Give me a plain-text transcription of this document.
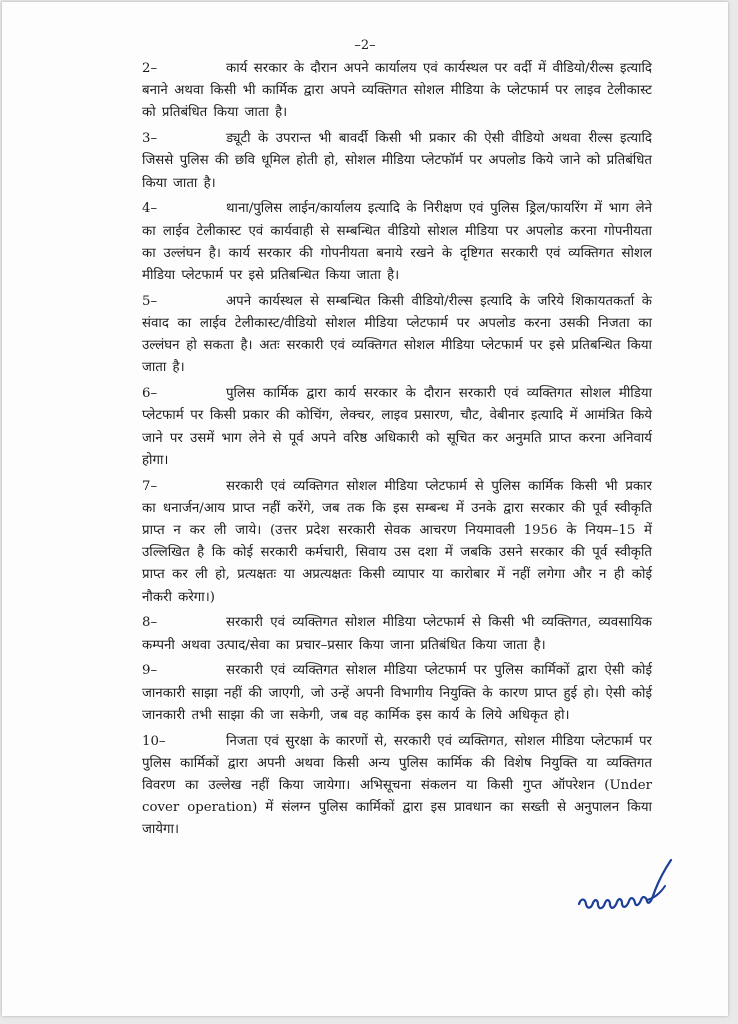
–2–

2–	कार्य सरकार के दौरान अपने कार्यालय एवं कार्यस्थल पर वर्दी में वीडियो/रील्स इत्यादि बनाने अथवा किसी भी कार्मिक द्वारा अपने व्यक्तिगत सोशल मीडिया के प्लेटफार्म पर लाइव टेलीकास्ट को प्रतिबंधित किया जाता है।

3–	ड्यूटी के उपरान्त भी बावर्दी किसी भी प्रकार की ऐसी वीडियो अथवा रील्स इत्यादि जिससे पुलिस की छवि धूमिल होती हो, सोशल मीडिया प्लेटफॉर्म पर अपलोड किये जाने को प्रतिबंधित किया जाता है।

4–	थाना/पुलिस लाईन/कार्यालय इत्यादि के निरीक्षण एवं पुलिस ड्रिल/फायरिंग में भाग लेने का लाईव टेलीकास्ट एवं कार्यवाही से सम्बन्धित वीडियो सोशल मीडिया पर अपलोड करना गोपनीयता का उल्लंघन है। कार्य सरकार की गोपनीयता बनाये रखने के दृष्टिगत सरकारी एवं व्यक्तिगत सोशल मीडिया प्लेटफार्म पर इसे प्रतिबन्धित किया जाता है।

5–	अपने कार्यस्थल से सम्बन्धित किसी वीडियो/रील्स इत्यादि के जरिये शिकायतकर्ता के संवाद का लाईव टेलीकास्ट/वीडियो सोशल मीडिया प्लेटफार्म पर अपलोड करना उसकी निजता का उल्लंघन हो सकता है। अतः सरकारी एवं व्यक्तिगत सोशल मीडिया प्लेटफार्म पर इसे प्रतिबन्धित किया जाता है।

6–	पुलिस कार्मिक द्वारा कार्य सरकार के दौरान सरकारी एवं व्यक्तिगत सोशल मीडिया प्लेटफार्म पर किसी प्रकार की कोचिंग, लेक्चर, लाइव प्रसारण, चौट, वेबीनार इत्यादि में आमंत्रित किये जाने पर उसमें भाग लेने से पूर्व अपने वरिष्ठ अधिकारी को सूचित कर अनुमति प्राप्त करना अनिवार्य होगा।

7–	सरकारी एवं व्यक्तिगत सोशल मीडिया प्लेटफार्म से पुलिस कार्मिक किसी भी प्रकार का धनार्जन/आय प्राप्त नहीं करेंगे, जब तक कि इस सम्बन्ध में उनके द्वारा सरकार की पूर्व स्वीकृति प्राप्त न कर ली जाये। (उत्तर प्रदेश सरकारी सेवक आचरण नियमावली 1956 के नियम–15 में उल्लिखित है कि कोई सरकारी कर्मचारी, सिवाय उस दशा में जबकि उसने सरकार की पूर्व स्वीकृति प्राप्त कर ली हो, प्रत्यक्षतः या अप्रत्यक्षतः किसी व्यापार या कारोबार में नहीं लगेगा और न ही कोई नौकरी करेगा।)

8–	सरकारी एवं व्यक्तिगत सोशल मीडिया प्लेटफार्म से किसी भी व्यक्तिगत, व्यवसायिक कम्पनी अथवा उत्पाद/सेवा का प्रचार–प्रसार किया जाना प्रतिबंधित किया जाता है।

9–	सरकारी एवं व्यक्तिगत सोशल मीडिया प्लेटफार्म पर पुलिस कार्मिकों द्वारा ऐसी कोई जानकारी साझा नहीं की जाएगी, जो उन्हें अपनी विभागीय नियुक्ति के कारण प्राप्त हुई हो। ऐसी कोई जानकारी तभी साझा की जा सकेगी, जब वह कार्मिक इस कार्य के लिये अधिकृत हो।

10–	निजता एवं सुरक्षा के कारणों से, सरकारी एवं व्यक्तिगत, सोशल मीडिया प्लेटफार्म पर पुलिस कार्मिकों द्वारा अपनी अथवा किसी अन्य पुलिस कार्मिक की विशेष नियुक्ति या व्यक्तिगत विवरण का उल्लेख नहीं किया जायेगा। अभिसूचना संकलन या किसी गुप्त ऑपरेशन (Under cover operation) में संलग्न पुलिस कार्मिकों द्वारा इस प्रावधान का सख्ती से अनुपालन किया जायेगा।
